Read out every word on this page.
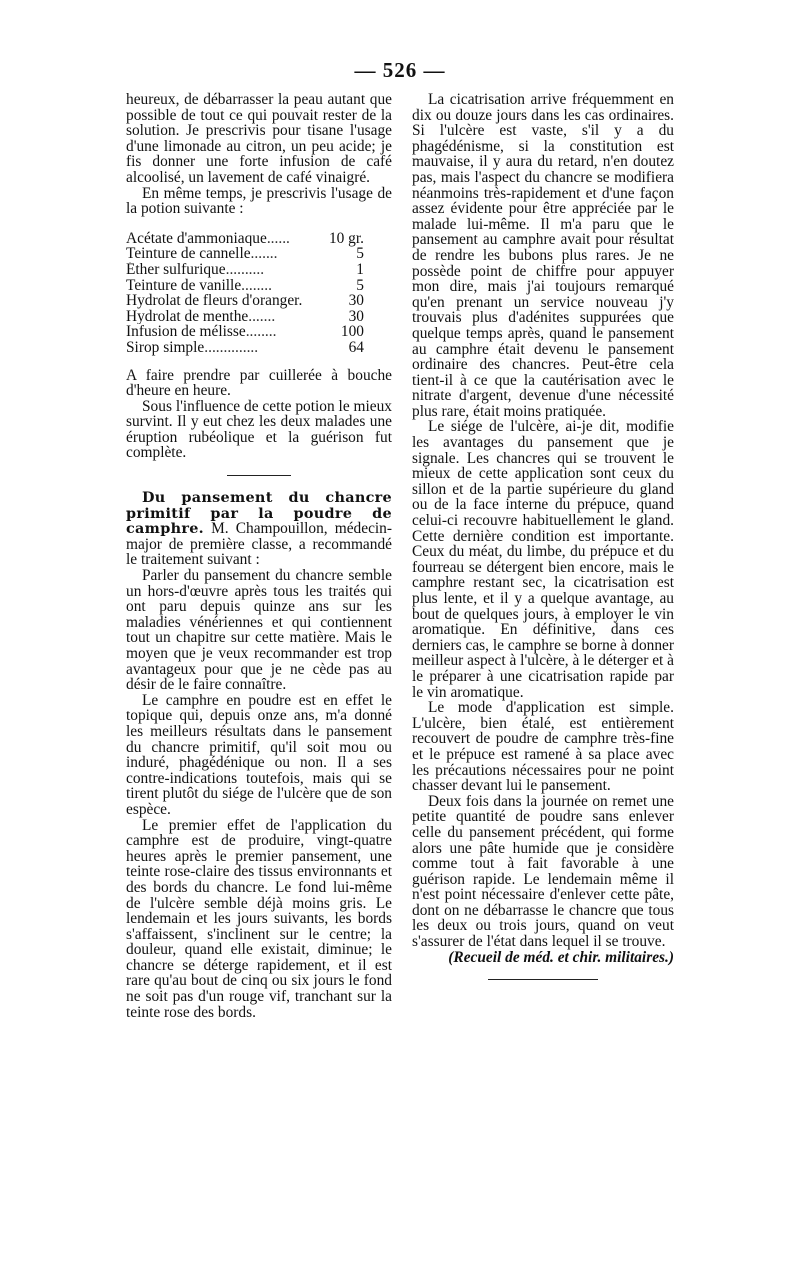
— 526 —

heureux, de débarrasser la peau autant que possible de tout ce qui pouvait rester de la solution. Je prescrivis pour tisane l'usage d'une limonade au citron, un peu acide; je fis donner une forte infusion de café alcoolisé, un lavement de café vinaigré.

En même temps, je prescrivis l'usage de la potion suivante :

Acétate d'ammoniaque......	10 gr.
Teinture de cannelle.......	5
Éther sulfurique..........	1
Teinture de vanille........	5
Hydrolat de fleurs d'oranger.	30
Hydrolat de menthe.......	30
Infusion de mélisse........	100
Sirop simple..............	64

A faire prendre par cuillerée à bouche d'heure en heure.

Sous l'influence de cette potion le mieux survint. Il y eut chez les deux malades une éruption rubéolique et la guérison fut complète.

Du pansement du chancre primitif par la poudre de camphre. M. Champouillon, médecin-major de première classe, a recommandé le traitement suivant :

Parler du pansement du chancre semble un hors-d'œuvre après tous les traités qui ont paru depuis quinze ans sur les maladies vénériennes et qui contiennent tout un chapitre sur cette matière. Mais le moyen que je veux recommander est trop avantageux pour que je ne cède pas au désir de le faire connaître.

Le camphre en poudre est en effet le topique qui, depuis onze ans, m'a donné les meilleurs résultats dans le pansement du chancre primitif, qu'il soit mou ou induré, phagédénique ou non. Il a ses contre-indications toutefois, mais qui se tirent plutôt du siége de l'ulcère que de son espèce.

Le premier effet de l'application du camphre est de produire, vingt-quatre heures après le premier pansement, une teinte rose-claire des tissus environnants et des bords du chancre. Le fond lui-même de l'ulcère semble déjà moins gris. Le lendemain et les jours suivants, les bords s'affaissent, s'inclinent sur le centre; la douleur, quand elle existait, diminue; le chancre se déterge rapidement, et il est rare qu'au bout de cinq ou six jours le fond ne soit pas d'un rouge vif, tranchant sur la teinte rose des bords.

La cicatrisation arrive fréquemment en dix ou douze jours dans les cas ordinaires. Si l'ulcère est vaste, s'il y a du phagédénisme, si la constitution est mauvaise, il y aura du retard, n'en doutez pas, mais l'aspect du chancre se modifiera néanmoins très-rapidement et d'une façon assez évidente pour être appréciée par le malade lui-même. Il m'a paru que le pansement au camphre avait pour résultat de rendre les bubons plus rares. Je ne possède point de chiffre pour appuyer mon dire, mais j'ai toujours remarqué qu'en prenant un service nouveau j'y trouvais plus d'adénites suppurées que quelque temps après, quand le pansement au camphre était devenu le pansement ordinaire des chancres. Peut-être cela tient-il à ce que la cautérisation avec le nitrate d'argent, devenue d'une nécessité plus rare, était moins pratiquée.

Le siége de l'ulcère, ai-je dit, modifie les avantages du pansement que je signale. Les chancres qui se trouvent le mieux de cette application sont ceux du sillon et de la partie supérieure du gland ou de la face interne du prépuce, quand celui-ci recouvre habituellement le gland. Cette dernière condition est importante. Ceux du méat, du limbe, du prépuce et du fourreau se détergent bien encore, mais le camphre restant sec, la cicatrisation est plus lente, et il y a quelque avantage, au bout de quelques jours, à employer le vin aromatique. En définitive, dans ces derniers cas, le camphre se borne à donner meilleur aspect à l'ulcère, à le déterger et à le préparer à une cicatrisation rapide par le vin aromatique.

Le mode d'application est simple. L'ulcère, bien étalé, est entièrement recouvert de poudre de camphre très-fine et le prépuce est ramené à sa place avec les précautions nécessaires pour ne point chasser devant lui le pansement.

Deux fois dans la journée on remet une petite quantité de poudre sans enlever celle du pansement précédent, qui forme alors une pâte humide que je considère comme tout à fait favorable à une guérison rapide. Le lendemain même il n'est point nécessaire d'enlever cette pâte, dont on ne débarrasse le chancre que tous les deux ou trois jours, quand on veut s'assurer de l'état dans lequel il se trouve.

(Recueil de méd. et chir. militaires.)
